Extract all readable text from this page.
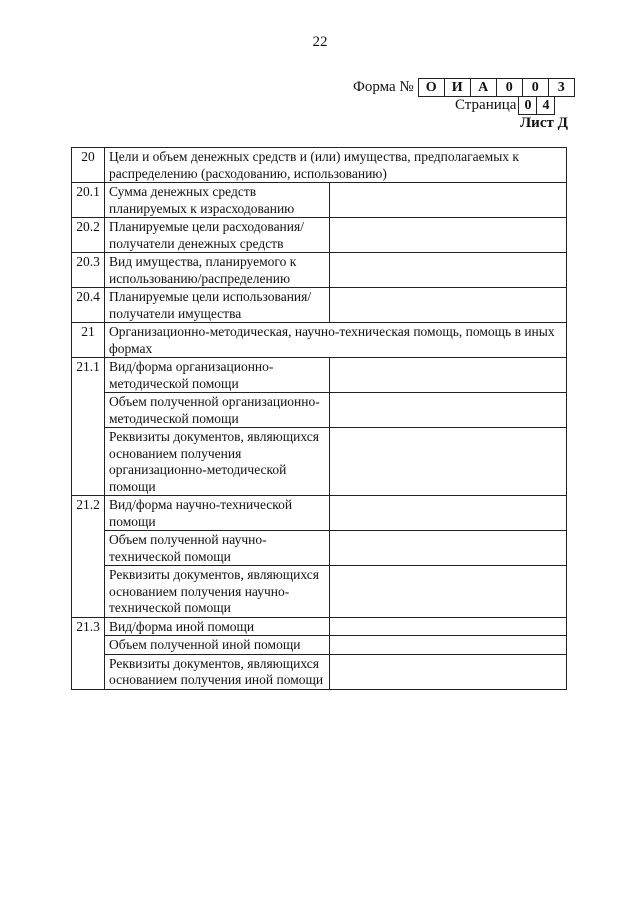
22
Форма № О	И	А	0	0	3
Страница 0 4
Лист Д
20	Цели и объем денежных средств и (или) имущества, предполагаемых к распределению (расходованию, использованию)	
20.1	Сумма денежных средств планируемых к израсходованию	
20.2	Планируемые цели расходования/получатели денежных средств	
20.3	Вид имущества, планируемого к использованию/распределению	
20.4	Планируемые цели использования/получатели имущества	
21	Организационно-методическая, научно-техническая помощь, помощь в иных формах	
21.1	Вид/форма организационно-методической помощи	
	Объем полученной организационно-методической помощи	
	Реквизиты документов, являющихся основанием получения организационно-методической помощи	
21.2	Вид/форма научно-технической помощи	
	Объем полученной научно-технической помощи	
	Реквизиты документов, являющихся основанием получения научно-технической помощи	
21.3	Вид/форма иной помощи	
	Объем полученной иной помощи	
	Реквизиты документов, являющихся основанием получения иной помощи	
